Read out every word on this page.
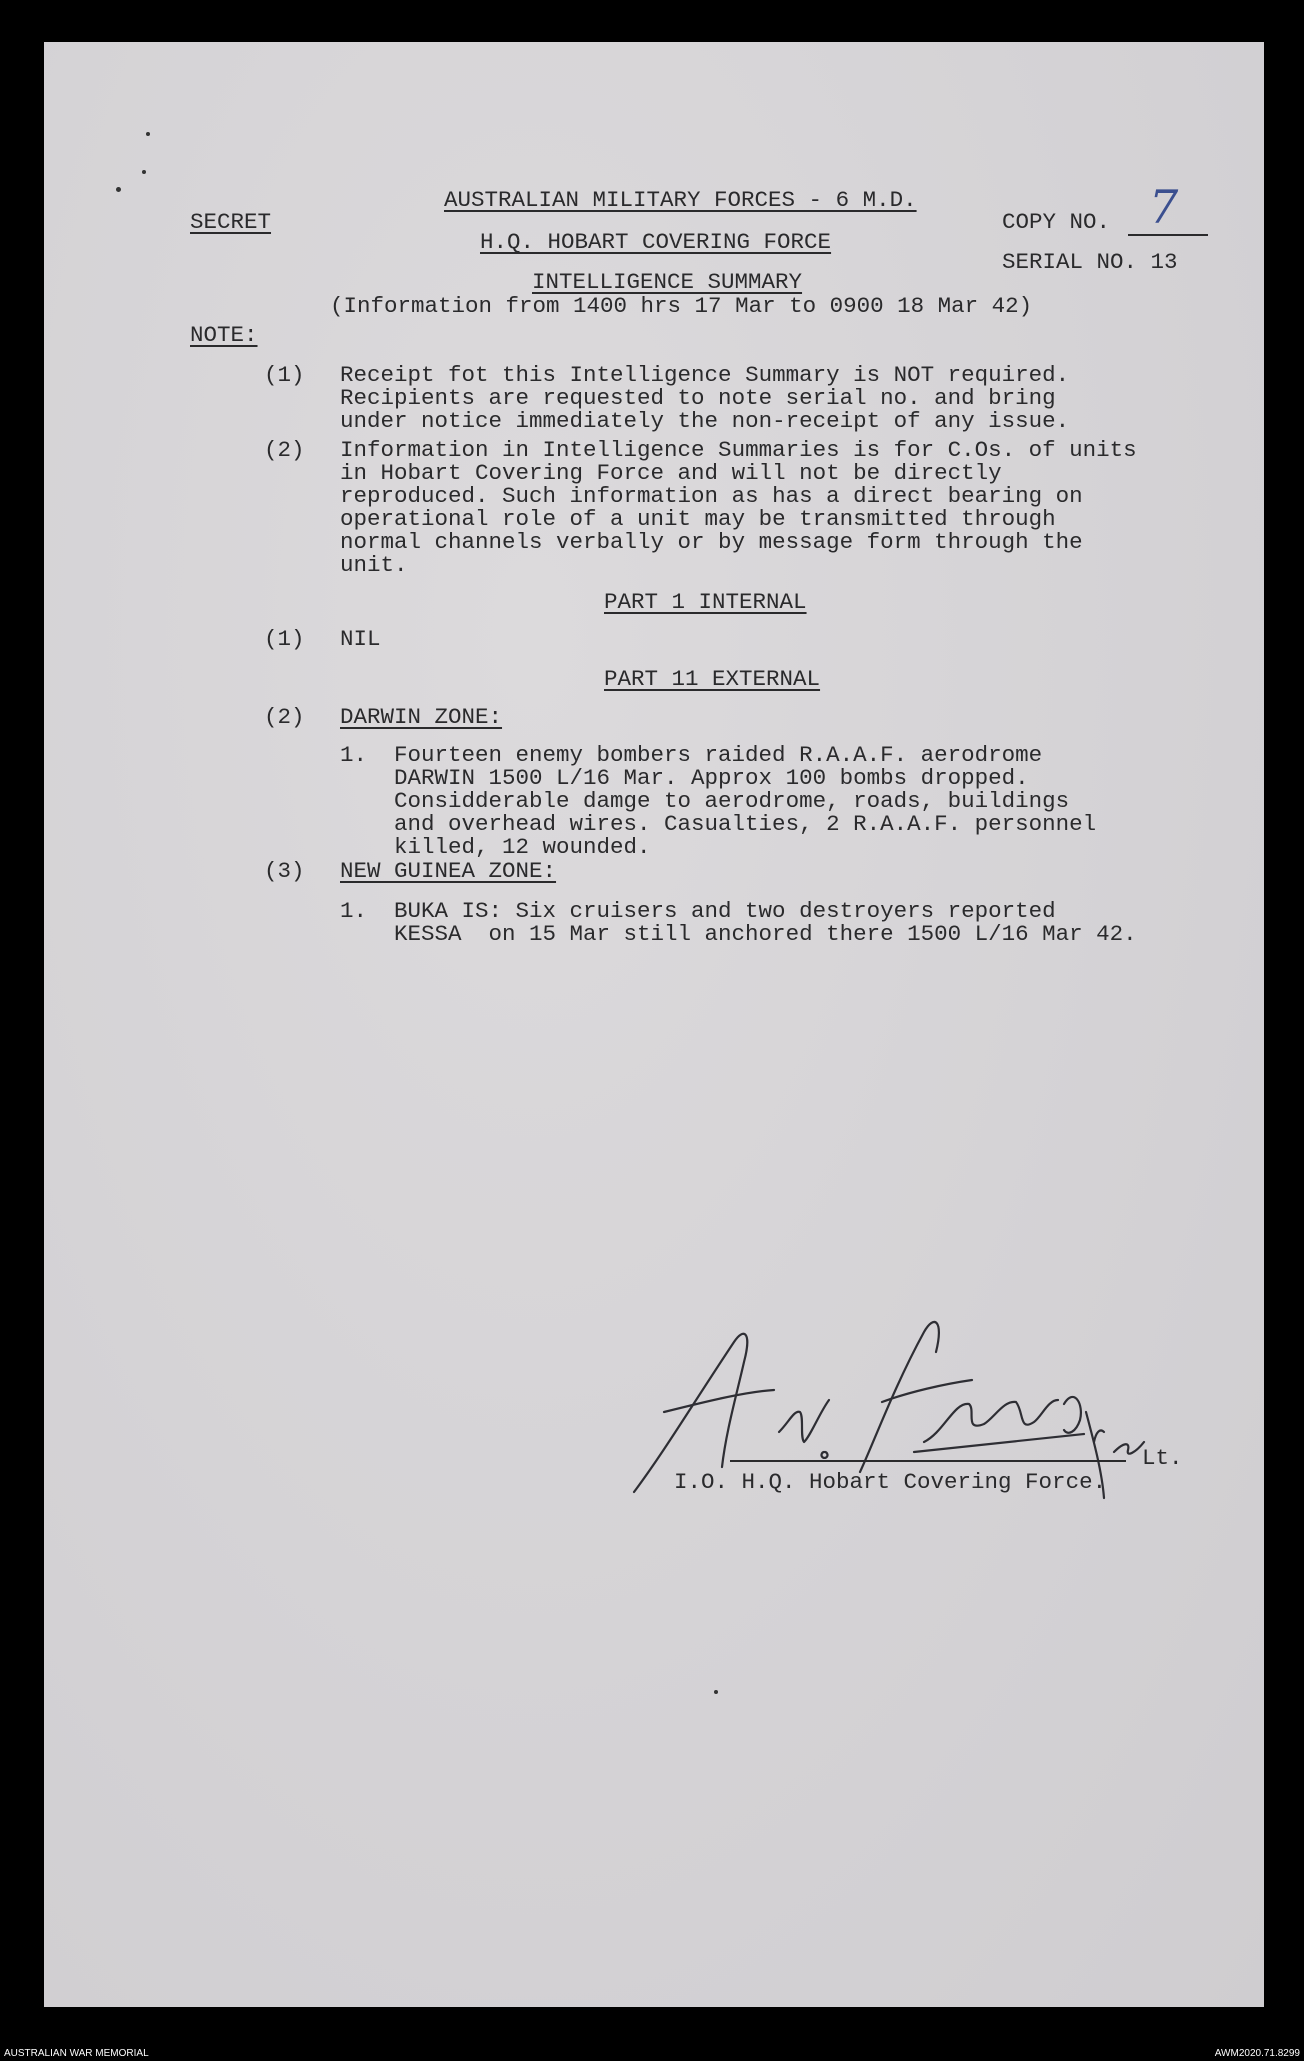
SECRET
AUSTRALIAN MILITARY FORCES - 6 M.D.
H.Q. HOBART COVERING FORCE
INTELLIGENCE SUMMARY
(Information from 1400 hrs 17 Mar to 0900 18 Mar 42)
COPY NO. 7
SERIAL NO. 13
NOTE:
(1) Receipt fot this Intelligence Summary is NOT required.
Recipients are requested to note serial no. and bring
under notice immediately the non-receipt of any issue.
(2) Information in Intelligence Summaries is for C.Os. of units
in Hobart Covering Force and will not be directly
reproduced. Such information as has a direct bearing on
operational role of a unit may be transmitted through
normal channels verbally or by message form through the
unit.
PART 1 INTERNAL
(1) NIL
PART 11 EXTERNAL
(2) DARWIN ZONE:
1. Fourteen enemy bombers raided R.A.A.F. aerodrome
DARWIN 1500 L/16 Mar. Approx 100 bombs dropped.
Considderable damge to aerodrome, roads, buildings
and overhead wires. Casualties, 2 R.A.A.F. personnel
killed, 12 wounded.
(3) NEW GUINEA ZONE:
1. BUKA IS: Six cruisers and two destroyers reported
KESSA  on 15 Mar still anchored there 1500 L/16 Mar 42.
Lt.
I.O. H.Q. Hobart Covering Force.
AUSTRALIAN WAR MEMORIAL	AWM2020.71.8299
